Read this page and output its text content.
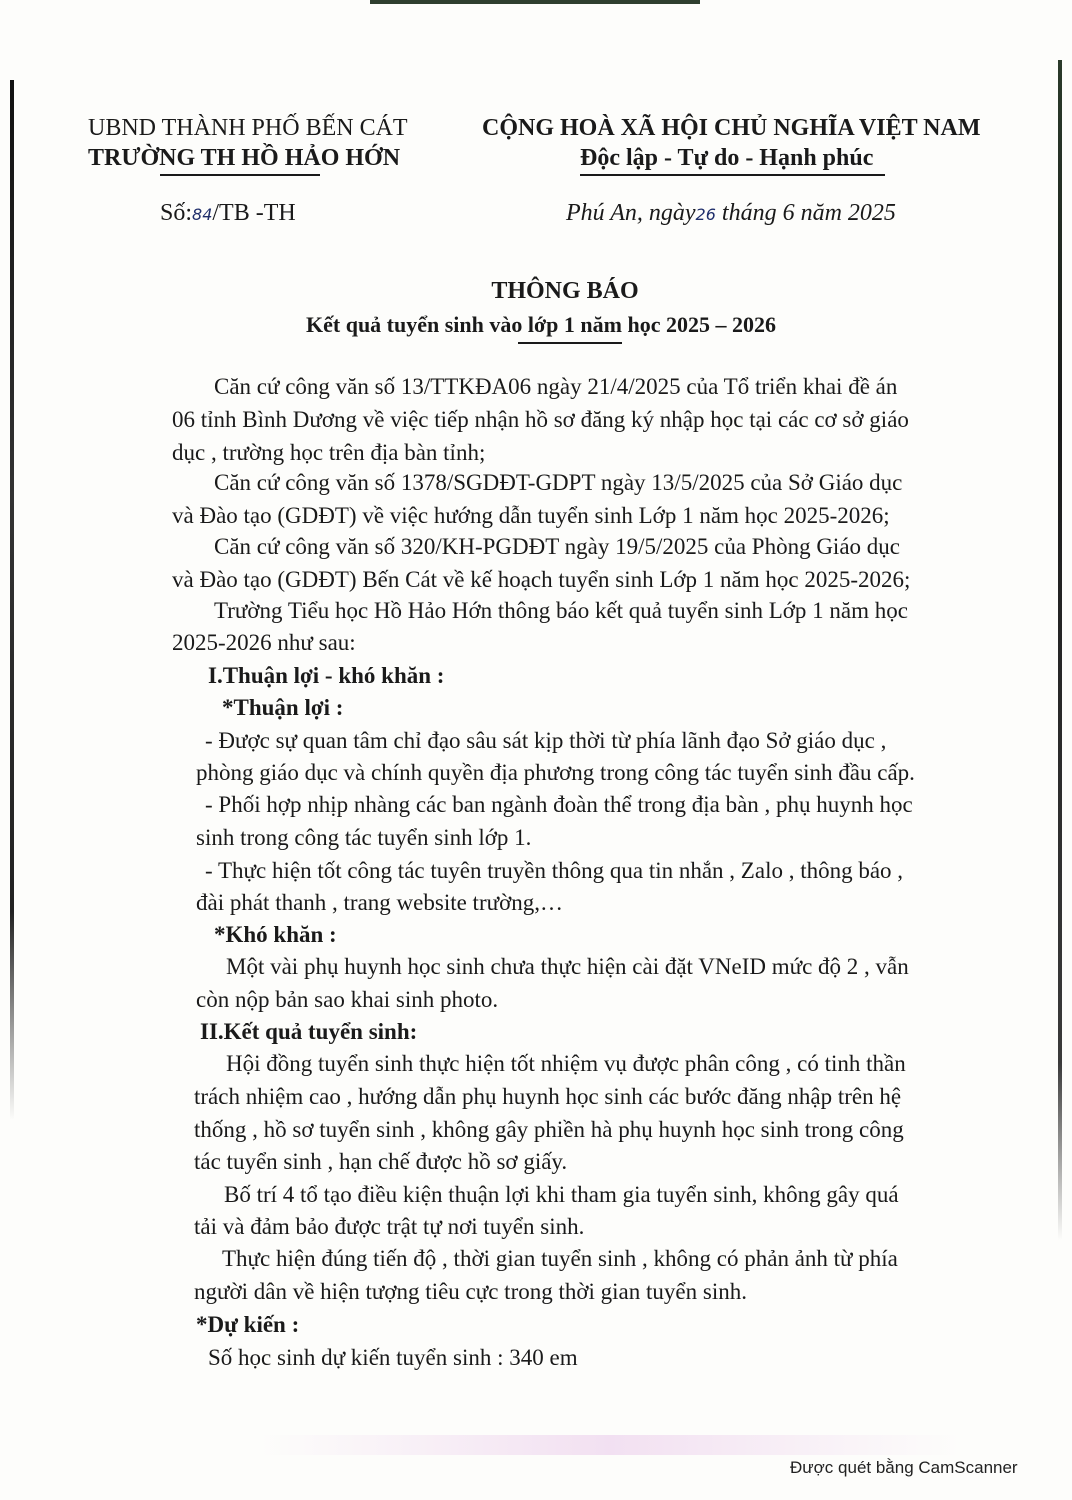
UBND THÀNH PHỐ BẾN CÁT
TRƯỜNG TH HỒ HẢO HỚN
CỘNG HOÀ XÃ HỘI CHỦ NGHĨA VIỆT NAM
Độc lập - Tự do - Hạnh phúc
Số:84/TB -TH	Phú An, ngày26 tháng 6 năm 2025
THÔNG BÁO
Kết quả tuyển sinh vào lớp 1 năm học 2025 – 2026
Căn cứ công văn số 13/TTKĐA06 ngày 21/4/2025 của Tổ triển khai đề án
06 tỉnh Bình Dương về việc tiếp nhận hồ sơ đăng ký nhập học tại các cơ sở giáo
dục , trường học trên địa bàn tỉnh;
Căn cứ công văn số 1378/SGDĐT-GDPT ngày 13/5/2025 của Sở Giáo dục
và Đào tạo (GDĐT) về việc hướng dẫn tuyển sinh Lớp 1 năm học 2025-2026;
Căn cứ công văn số 320/KH-PGDĐT ngày 19/5/2025 của Phòng Giáo dục
và Đào tạo (GDĐT) Bến Cát về kế hoạch tuyển sinh Lớp 1 năm học 2025-2026;
Trường Tiểu học Hồ Hảo Hớn thông báo kết quả tuyển sinh Lớp 1 năm học
2025-2026 như sau:
I.Thuận lợi - khó khăn :
*Thuận lợi :
- Được sự quan tâm chỉ đạo sâu sát kịp thời từ phía lãnh đạo Sở giáo dục ,
phòng giáo dục và chính quyền địa phương trong công tác tuyển sinh đầu cấp.
- Phối hợp nhịp nhàng các ban ngành đoàn thể trong địa bàn , phụ huynh học
sinh trong công tác tuyển sinh lớp 1.
- Thực hiện tốt công tác tuyên truyền thông qua tin nhắn , Zalo , thông báo ,
đài phát thanh , trang website trường,…
*Khó khăn :
Một vài phụ huynh học sinh chưa thực hiện cài đặt VNeID mức độ 2 , vẫn
còn nộp bản sao khai sinh photo.
II.Kết quả tuyển sinh:
Hội đồng tuyển sinh thực hiện tốt nhiệm vụ được phân công , có tinh thần
trách nhiệm cao , hướng dẫn phụ huynh học sinh các bước đăng nhập trên hệ
thống , hồ sơ tuyển sinh , không gây phiền hà phụ huynh học sinh trong công
tác tuyển sinh , hạn chế được hồ sơ giấy.
Bố trí 4 tổ tạo điều kiện thuận lợi khi tham gia tuyển sinh, không gây quá
tải và đảm bảo được trật tự nơi tuyển sinh.
Thực hiện đúng tiến độ , thời gian tuyển sinh , không có phản ảnh từ phía
người dân về hiện tượng tiêu cực trong thời gian tuyển sinh.
*Dự kiến :
Số học sinh dự kiến tuyển sinh : 340 em
Được quét bằng CamScanner
